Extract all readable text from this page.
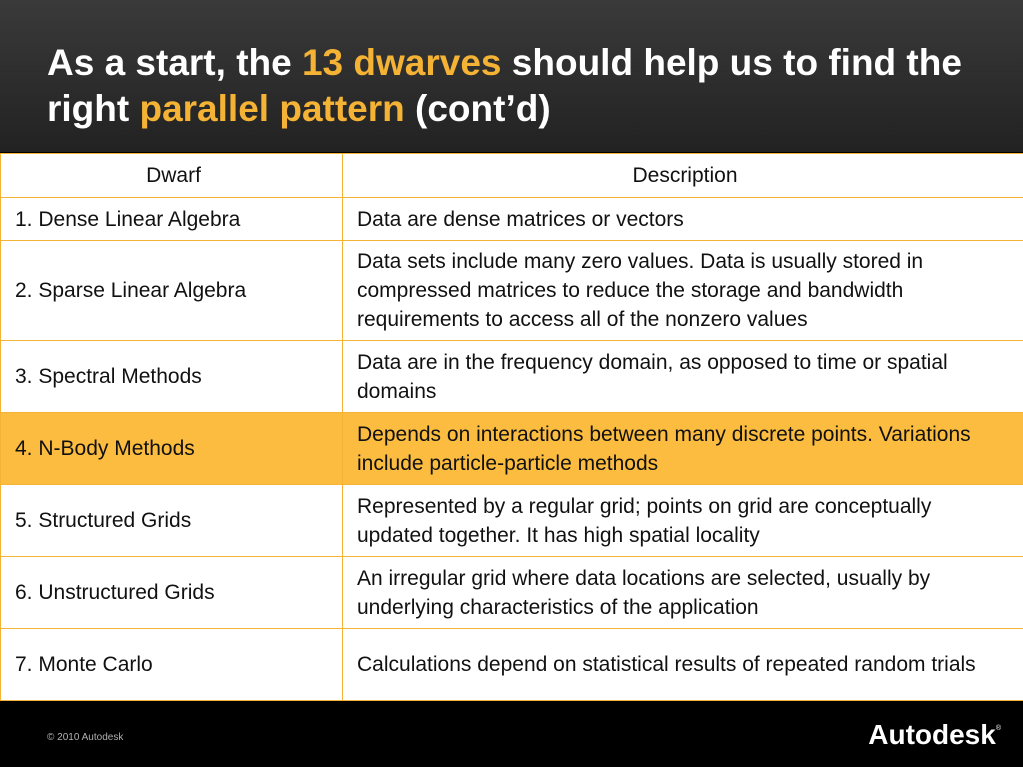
As a start, the 13 dwarves should help us to find the right parallel pattern (cont’d)
Dwarf	Description
1. Dense Linear Algebra	Data are dense matrices or vectors
2. Sparse Linear Algebra	Data sets include many zero values. Data is usually stored in compressed matrices to reduce the storage and bandwidth requirements to access all of the nonzero values
3. Spectral Methods	Data are in the frequency domain, as opposed to time or spatial domains
4. N-Body Methods	Depends on interactions between many discrete points. Variations include particle-particle methods
5. Structured Grids	Represented by a regular grid; points on grid are conceptually updated together. It has high spatial locality
6. Unstructured Grids	An irregular grid where data locations are selected, usually by underlying characteristics of the application
7. Monte Carlo	Calculations depend on statistical results of repeated random trials
© 2010 Autodesk	Autodesk®
